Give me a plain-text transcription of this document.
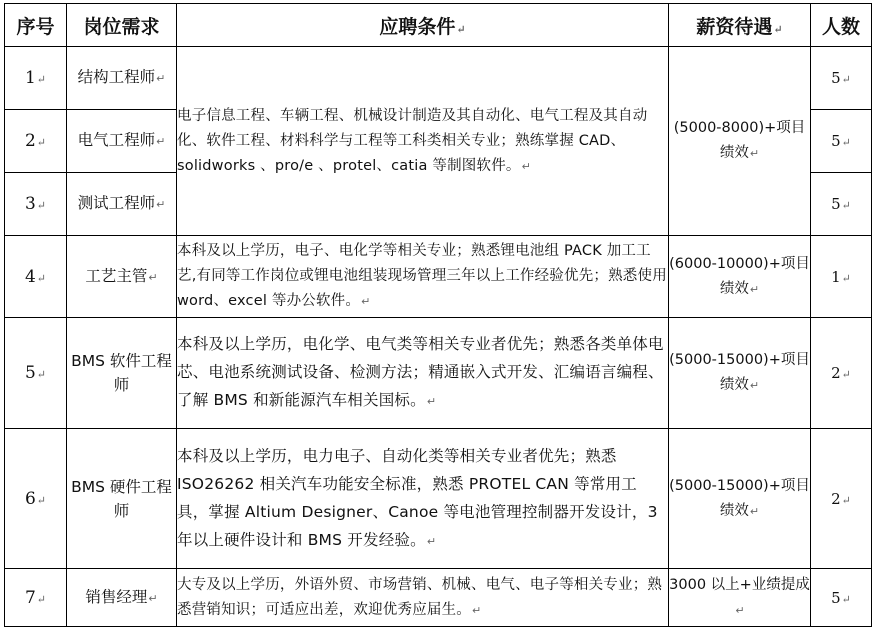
序号	岗位需求	应聘条件↵	薪资待遇↵	人数
1↵	结构工程师↵	电子信息工程、车辆工程、机械设计制造及其自动化、电气工程及其自动化、软件工程、材料科学与工程等工科类相关专业；熟练掌握 CAD、solidworks 、pro/e 、protel、catia 等制图软件。↵	(5000-8000)+项目绩效↵	5↵
2↵	电气工程师↵			5↵
3↵	测试工程师↵			5↵
4↵	工艺主管↵	本科及以上学历，电子、电化学等相关专业；熟悉锂电池组 PACK 加工工艺,有同等工作岗位或锂电池组装现场管理三年以上工作经验优先；熟悉使用 word、excel 等办公软件。↵	(6000-10000)+项目绩效↵	1↵
5↵	BMS 软件工程师	本科及以上学历，电化学、电气类等相关专业者优先；熟悉各类单体电芯、电池系统测试设备、检测方法；精通嵌入式开发、汇编语言编程、了解 BMS 和新能源汽车相关国标。↵	(5000-15000)+项目绩效↵	2↵
6↵	BMS 硬件工程师	本科及以上学历，电力电子、自动化类等相关专业者优先；熟悉 ISO26262 相关汽车功能安全标准，熟悉 PROTEL CAN 等常用工具，掌握 Altium Designer、Canoe 等电池管理控制器开发设计，3 年以上硬件设计和 BMS 开发经验。↵	(5000-15000)+项目绩效↵	2↵
7↵	销售经理↵	大专及以上学历，外语外贸、市场营销、机械、电气、电子等相关专业；熟悉营销知识；可适应出差，欢迎优秀应届生。↵	3000 以上+业绩提成↵	5↵
